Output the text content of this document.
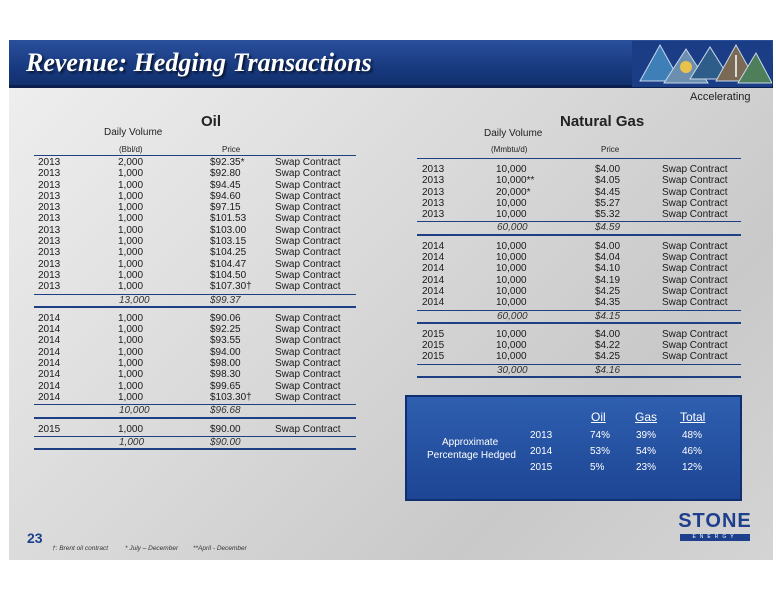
Revenue: Hedging Transactions
Accelerating
Oil
Daily Volume
(Bbl/d)	Price
2013	2,000	$92.35*	Swap Contract
2013	1,000	$92.80	Swap Contract
2013	1,000	$94.45	Swap Contract
2013	1,000	$94.60	Swap Contract
2013	1,000	$97.15	Swap Contract
2013	1,000	$101.53	Swap Contract
2013	1,000	$103.00	Swap Contract
2013	1,000	$103.15	Swap Contract
2013	1,000	$104.25	Swap Contract
2013	1,000	$104.47	Swap Contract
2013	1,000	$104.50	Swap Contract
2013	1,000	$107.30† Swap Contract
13,000	$99.37
2014	1,000	$90.06	Swap Contract
2014	1,000	$92.25	Swap Contract
2014	1,000	$93.55	Swap Contract
2014	1,000	$94.00	Swap Contract
2014	1,000	$98.00	Swap Contract
2014	1,000	$98.30	Swap Contract
2014	1,000	$99.65	Swap Contract
2014	1,000	$103.30† Swap Contract
10,000	$96.68
2015	1,000	$90.00	Swap Contract
1,000	$90.00
Natural Gas
Daily Volume
(Mmbtu/d)	Price
2013	10,000	$4.00	Swap Contract
2013	10,000**	$4.05	Swap Contract
2013	20,000*	$4.45	Swap Contract
2013	10,000	$5.27	Swap Contract
2013	10,000	$5.32	Swap Contract
60,000	$4.59
2014	10,000	$4.00	Swap Contract
2014	10,000	$4.04	Swap Contract
2014	10,000	$4.10	Swap Contract
2014	10,000	$4.19	Swap Contract
2014	10,000	$4.25	Swap Contract
2014	10,000	$4.35	Swap Contract
60,000	$4.15
2015	10,000	$4.00	Swap Contract
2015	10,000	$4.22	Swap Contract
2015	10,000	$4.25	Swap Contract
30,000	$4.16
Oil Gas Total
Approximate
Percentage Hedged
2013	74%	39%	48%
2014	53%	54%	46%
2015	5%	23%	12%
23
†: Brent oil contract	* July – December **April - December
STONE
ENERGY
